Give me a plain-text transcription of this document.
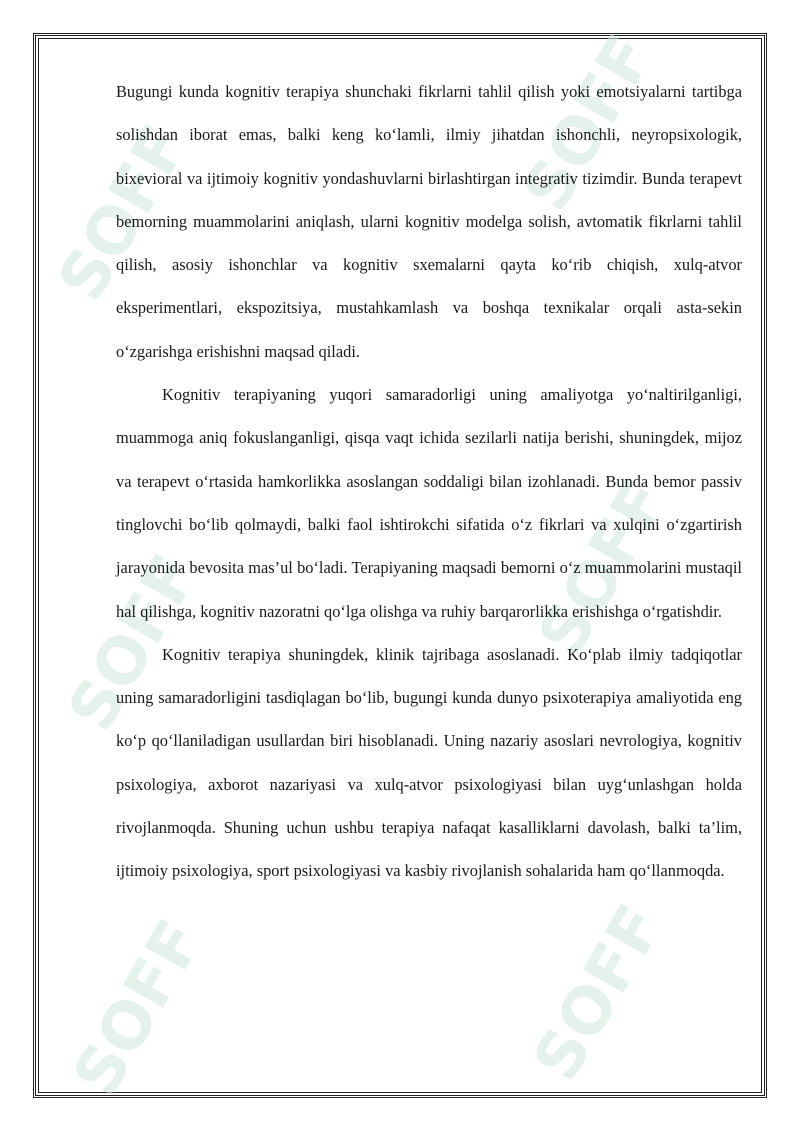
SOFF	SOFF
SOFF	SOFF
SOFF	SOFF

Bugungi kunda kognitiv terapiya shunchaki fikrlarni tahlil qilish yoki emotsiyalarni tartibga solishdan iborat emas, balki keng ko‘lamli, ilmiy jihatdan ishonchli, neyropsixologik, bixevioral va ijtimoiy kognitiv yondashuvlarni birlashtirgan integrativ tizimdir. Bunda terapevt bemorning muammolarini aniqlash, ularni kognitiv modelga solish, avtomatik fikrlarni tahlil qilish, asosiy ishonchlar va kognitiv sxemalarni qayta ko‘rib chiqish, xulq-atvor eksperimentlari, ekspozitsiya, mustahkamlash va boshqa texnikalar orqali asta-sekin o‘zgarishga erishishni maqsad qiladi.

Kognitiv terapiyaning yuqori samaradorligi uning amaliyotga yo‘naltirilganligi, muammoga aniq fokuslanganligi, qisqa vaqt ichida sezilarli natija berishi, shuningdek, mijoz va terapevt o‘rtasida hamkorlikka asoslangan soddaligi bilan izohlanadi. Bunda bemor passiv tinglovchi bo‘lib qolmaydi, balki faol ishtirokchi sifatida o‘z fikrlari va xulqini o‘zgartirish jarayonida bevosita mas’ul bo‘ladi. Terapiyaning maqsadi bemorni o‘z muammolarini mustaqil hal qilishga, kognitiv nazoratni qo‘lga olishga va ruhiy barqarorlikka erishishga o‘rgatishdir.

Kognitiv terapiya shuningdek, klinik tajribaga asoslanadi. Ko‘plab ilmiy tadqiqotlar uning samaradorligini tasdiqlagan bo‘lib, bugungi kunda dunyo psixoterapiya amaliyotida eng ko‘p qo‘llaniladigan usullardan biri hisoblanadi. Uning nazariy asoslari nevrologiya, kognitiv psixologiya, axborot nazariyasi va xulq-atvor psixologiyasi bilan uyg‘unlashgan holda rivojlanmoqda. Shuning uchun ushbu terapiya nafaqat kasalliklarni davolash, balki ta’lim, ijtimoiy psixologiya, sport psixologiyasi va kasbiy rivojlanish sohalarida ham qo‘llanmoqda.
